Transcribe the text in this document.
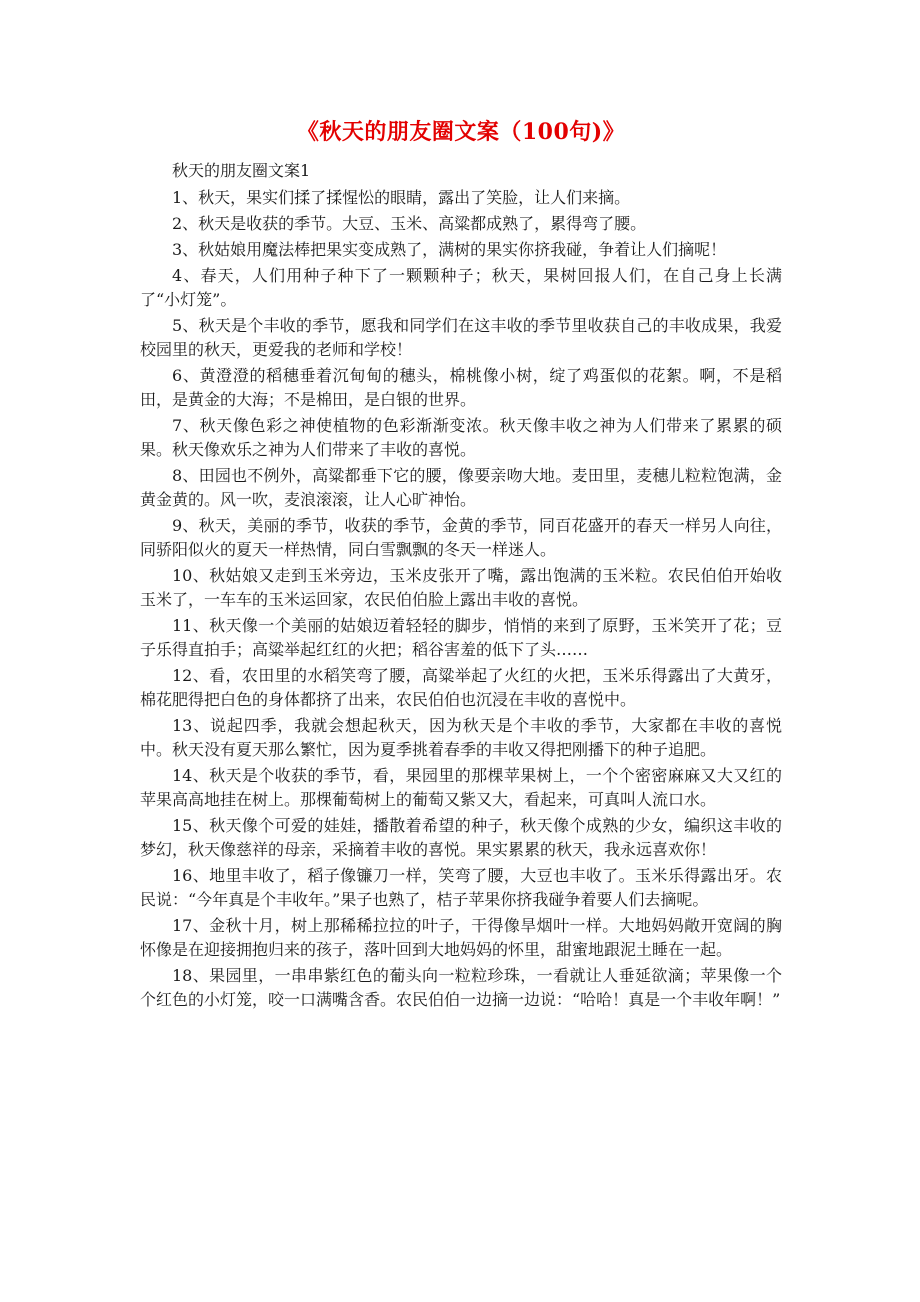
《秋天的朋友圈文案（100句)》
秋天的朋友圈文案1

1、秋天，果实们揉了揉惺忪的眼睛，露出了笑脸，让人们来摘。

2、秋天是收获的季节。大豆、玉米、高粱都成熟了，累得弯了腰。

3、秋姑娘用魔法棒把果实变成熟了，满树的果实你挤我碰，争着让人们摘呢！

4、春天，人们用种子种下了一颗颗种子；秋天，果树回报人们，在自己身上长满了“小灯笼”。

5、秋天是个丰收的季节，愿我和同学们在这丰收的季节里收获自己的丰收成果，我爱校园里的秋天，更爱我的老师和学校！

6、黄澄澄的稻穗垂着沉甸甸的穗头，棉桃像小树，绽了鸡蛋似的花絮。啊，不是稻田，是黄金的大海；不是棉田，是白银的世界。

7、秋天像色彩之神使植物的色彩渐渐变浓。秋天像丰收之神为人们带来了累累的硕果。秋天像欢乐之神为人们带来了丰收的喜悦。

8、田园也不例外，高粱都垂下它的腰，像要亲吻大地。麦田里，麦穗儿粒粒饱满，金黄金黄的。风一吹，麦浪滚滚，让人心旷神怡。

9、秋天，美丽的季节，收获的季节，金黄的季节，同百花盛开的春天一样另人向往，同骄阳似火的夏天一样热情，同白雪飘飘的冬天一样迷人。

10、秋姑娘又走到玉米旁边，玉米皮张开了嘴，露出饱满的玉米粒。农民伯伯开始收玉米了，一车车的玉米运回家，农民伯伯脸上露出丰收的喜悦。

11、秋天像一个美丽的姑娘迈着轻轻的脚步，悄悄的来到了原野，玉米笑开了花；豆子乐得直拍手；高粱举起红红的火把；稻谷害羞的低下了头……

12、看，农田里的水稻笑弯了腰，高粱举起了火红的火把，玉米乐得露出了大黄牙，棉花肥得把白色的身体都挤了出来，农民伯伯也沉浸在丰收的喜悦中。

13、说起四季，我就会想起秋天，因为秋天是个丰收的季节，大家都在丰收的喜悦中。秋天没有夏天那么繁忙，因为夏季挑着春季的丰收又得把刚播下的种子追肥。

14、秋天是个收获的季节，看，果园里的那棵苹果树上，一个个密密麻麻又大又红的苹果高高地挂在树上。那棵葡萄树上的葡萄又紫又大，看起来，可真叫人流口水。

15、秋天像个可爱的娃娃，播散着希望的种子，秋天像个成熟的少女，编织这丰收的梦幻，秋天像慈祥的母亲，采摘着丰收的喜悦。果实累累的秋天，我永远喜欢你！

16、地里丰收了，稻子像镰刀一样，笑弯了腰，大豆也丰收了。玉米乐得露出牙。农民说：“今年真是个丰收年。”果子也熟了，桔子苹果你挤我碰争着要人们去摘呢。

17、金秋十月，树上那稀稀拉拉的叶子，干得像旱烟叶一样。大地妈妈敞开宽阔的胸怀像是在迎接拥抱归来的孩子，落叶回到大地妈妈的怀里，甜蜜地跟泥土睡在一起。

18、果园里，一串串紫红色的葡头向一粒粒珍珠，一看就让人垂延欲滴；苹果像一个个红色的小灯笼，咬一口满嘴含香。农民伯伯一边摘一边说：“哈哈！真是一个丰收年啊！”
